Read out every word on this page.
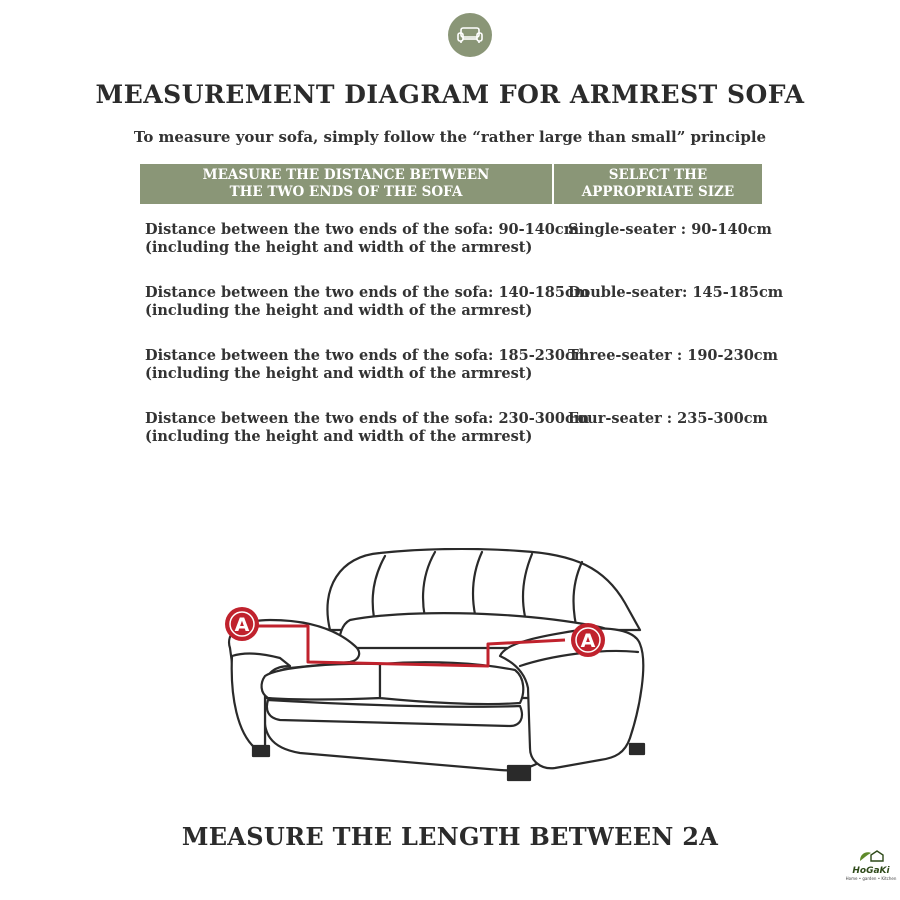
MEASUREMENT DIAGRAM FOR ARMREST SOFA
To measure your sofa, simply follow the “rather large than small” principle
MEASURE THE DISTANCE BETWEEN
THE TWO ENDS OF THE SOFA
SELECT THE
APPROPRIATE SIZE
Distance between the two ends of the sofa: 90-140cm
(including the height and width of the armrest)
Single-seater : 90-140cm
Distance between the two ends of the sofa: 140-185cm
(including the height and width of the armrest)
Double-seater: 145-185cm
Distance between the two ends of the sofa: 185-230cm
(including the height and width of the armrest)
Three-seater : 190-230cm
Distance between the two ends of the sofa: 230-300cm
(including the height and width of the armrest)
Four-seater : 235-300cm
A
A
MEASURE THE LENGTH BETWEEN 2A
HoGaKi
Home • garden • Kitchen
